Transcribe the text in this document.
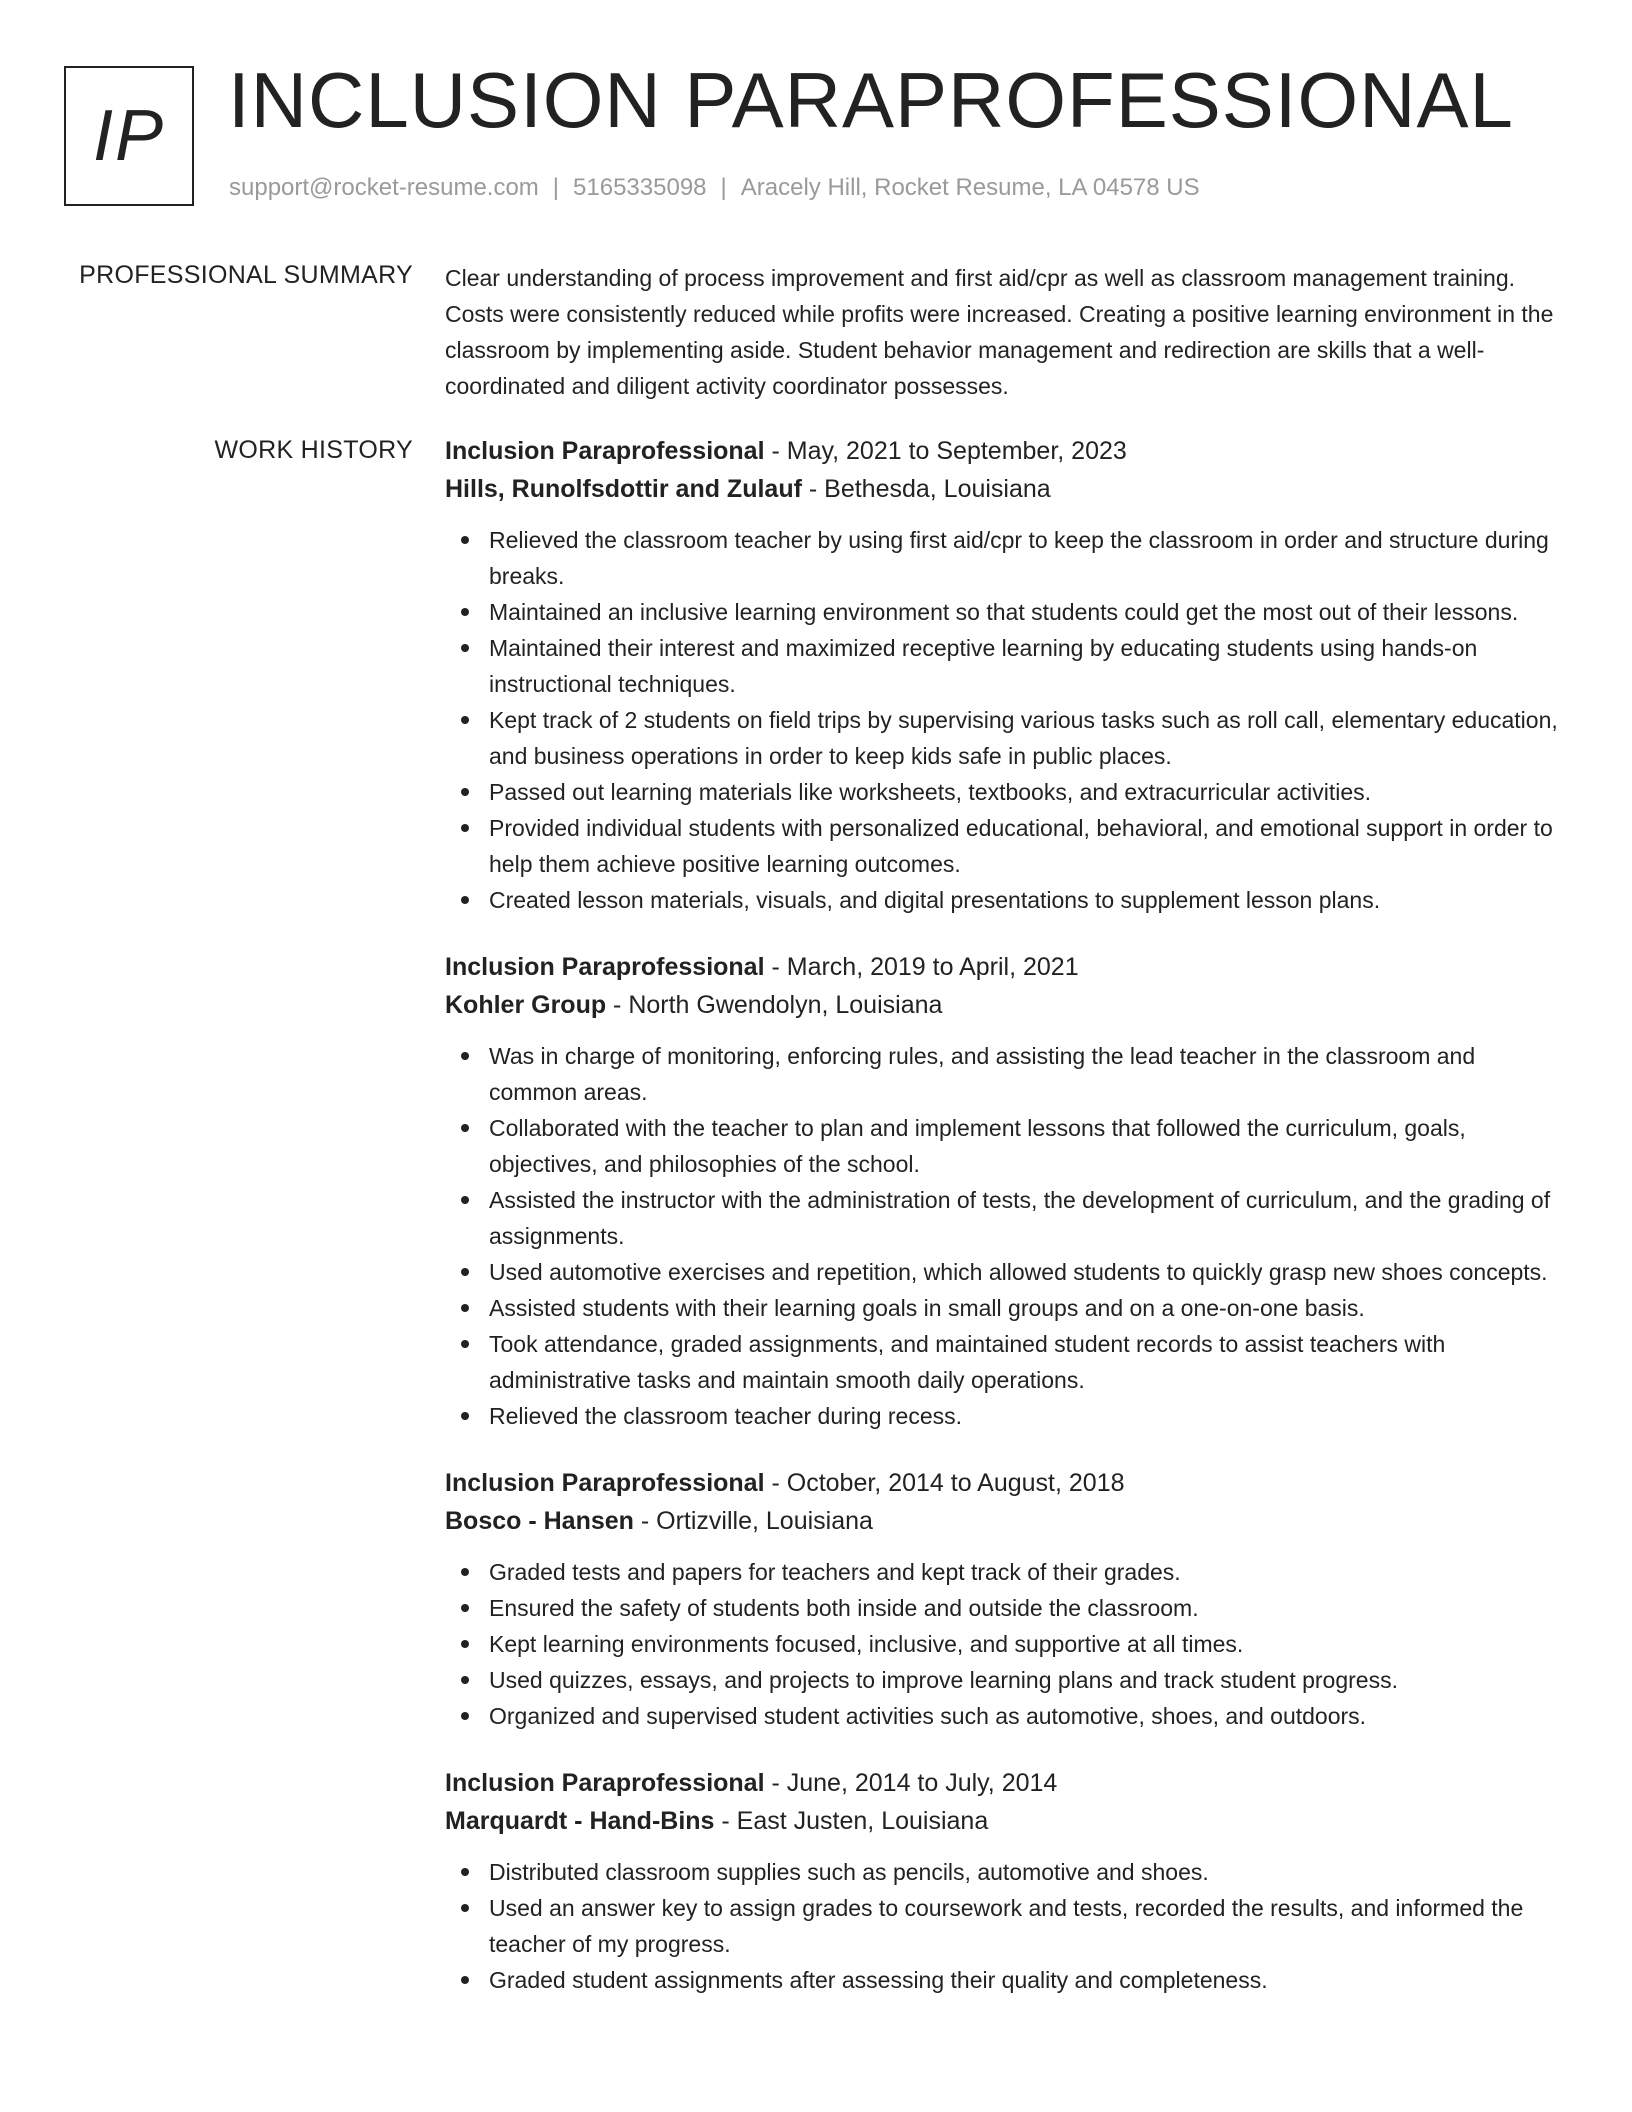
IP INCLUSION PARAPROFESSIONAL
support@rocket-resume.com | 5165335098 | Aracely Hill, Rocket Resume, LA 04578 US
PROFESSIONAL SUMMARY Clear understanding of process improvement and first aid/cpr as well as classroom management training. Costs were consistently reduced while profits were increased. Creating a positive learning environment in the classroom by implementing aside. Student behavior management and redirection are skills that a well-coordinated and diligent activity coordinator possesses.

WORK HISTORY Inclusion Paraprofessional - May, 2021 to September, 2023
Hills, Runolfsdottir and Zulauf - Bethesda, Louisiana
Relieved the classroom teacher by using first aid/cpr to keep the classroom in order and structure during breaks.
Maintained an inclusive learning environment so that students could get the most out of their lessons.
Maintained their interest and maximized receptive learning by educating students using hands-on instructional techniques.
Kept track of 2 students on field trips by supervising various tasks such as roll call, elementary education, and business operations in order to keep kids safe in public places.
Passed out learning materials like worksheets, textbooks, and extracurricular activities.
Provided individual students with personalized educational, behavioral, and emotional support in order to help them achieve positive learning outcomes.
Created lesson materials, visuals, and digital presentations to supplement lesson plans.
Inclusion Paraprofessional - March, 2019 to April, 2021
Kohler Group - North Gwendolyn, Louisiana
Was in charge of monitoring, enforcing rules, and assisting the lead teacher in the classroom and common areas.
Collaborated with the teacher to plan and implement lessons that followed the curriculum, goals, objectives, and philosophies of the school.
Assisted the instructor with the administration of tests, the development of curriculum, and the grading of assignments.
Used automotive exercises and repetition, which allowed students to quickly grasp new shoes concepts.
Assisted students with their learning goals in small groups and on a one-on-one basis.
Took attendance, graded assignments, and maintained student records to assist teachers with administrative tasks and maintain smooth daily operations.
Relieved the classroom teacher during recess.
Inclusion Paraprofessional - October, 2014 to August, 2018
Bosco - Hansen - Ortizville, Louisiana
Graded tests and papers for teachers and kept track of their grades.
Ensured the safety of students both inside and outside the classroom.
Kept learning environments focused, inclusive, and supportive at all times.
Used quizzes, essays, and projects to improve learning plans and track student progress.
Organized and supervised student activities such as automotive, shoes, and outdoors.
Inclusion Paraprofessional - June, 2014 to July, 2014
Marquardt - Hand-Bins - East Justen, Louisiana
Distributed classroom supplies such as pencils, automotive and shoes.
Used an answer key to assign grades to coursework and tests, recorded the results, and informed the teacher of my progress.
Graded student assignments after assessing their quality and completeness.
